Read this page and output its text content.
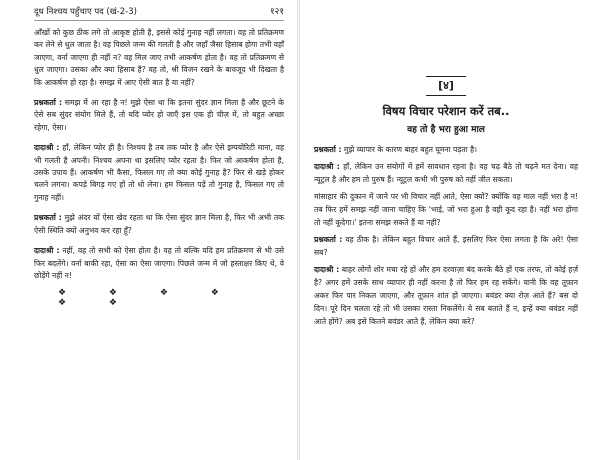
दूध निश्चय पहुँचाए पद (खं-2-3)	१२१

आँखों को कुछ ठीक लगे तो आकृष्ट होती है, इससे कोई गुनाह नहीं लगता। वह तो प्रतिक्रमण कर लेने से धुल जाता है। वह पिछले जन्म की गलती है और जहाँ जैसा हिसाब होगा तभी वहाँ जाएगा, वर्ना जाएगा ही नहीं न? वह मिल जाए तभी आकर्षण होता है। वह तो प्रतिक्रमण से धुल जाएगा। उसका और क्या हिसाब है? वह तो, श्री विजन रखने के बावजूद भी दिखता है कि आकर्षण हो रहा है। समझ में आए ऐसी बात है या नहीं?

प्रश्नकर्ता : समझ में आ रहा है न! मुझे ऐसा था कि इतना सुंदर ज्ञान मिला है और छूटने के ऐसे सब सुंदर संयोग मिले हैं, तो यदि प्योर हो जाएँ इस एक ही चीज़ में, तो बहुत अच्छा रहेगा, ऐसा।

दादाश्री : हाँ, लेकिन प्योर ही है। निश्चय है तब तक प्योर है और ऐसे इम्पयोरिटी माना, वह भी गलती है अपनी। निश्चय अपना था इसलिए प्योर रहता है। फिर जो आकर्षण होता है, उसके उपाय हैं। आकर्षण भी कैसा, फिसल गए तो क्या कोई गुनाह है? फिर से खड़े होकर चलने लगना। कपड़े बिगड़ गए हों तो धो लेना। हम फिसल पड़ें तो गुनाह है, फिसल गए तो गुनाह नहीं।

प्रश्नकर्ता : मुझे अंदर यों ऐसा खेद रहता था कि ऐसा सुंदर ज्ञान मिला है, फिर भी अभी तक ऐसी स्थिति क्यों अनुभव कर रहा हूँ?

दादाश्री : नहीं, वह तो सभी को ऐसा होता है। वह तो बल्कि यदि हम प्रतिक्रमण से भी उसे फिर बदलेंगे। वर्ना बाकी रहा, ऐसा का ऐसा जाएगा। पिछले जन्म में जो हस्ताक्षर किए थे, वे छोड़ेंगे नहीं न!

❖ ❖ ❖ ❖ ❖ ❖
[४]
विषय विचार परेशान करें तब..
वह तो है भरा हुआ माल

प्रश्नकर्ता : मुझे व्यापार के कारण बाहर बहुत घूमना पड़ता है।

दादाश्री : हाँ, लेकिन उन संयोगों में हमें सावधान रहना है। वह चढ़ बैठे तो चढ़ने मत देना। वह न्यूट्रल है और हम तो पुरुष हैं। न्यूट्रल कभी भी पुरुष को नहीं जीत सकता।

मांसाहार की दुकान में जाने पर भी विचार नहीं आते, ऐसा क्यों? क्योंकि वह माल नहीं भरा है न! तब फिर हमें समझ नहीं जाना चाहिए कि 'भाई, जो भरा हुआ है वही कूद रहा है। नहीं भरा होगा तो नहीं कूदेगा।' इतना समझ सकते हैं या नहीं?

प्रश्नकर्ता : वह ठीक है। लेकिन बहुत विचार आते हैं, इसलिए फिर ऐसा लगता है कि अरे! ऐसा सब?

दादाश्री : बाहर लोगों शोर मचा रहे हों और हम दरवाज़ा बंद करके बैठे हों एक तरफ, तो कोई हर्ज़ है? अगर हमें उसके साथ व्यापार ही नहीं करना है तो फिर हम रह सकेंगे। यानी कि वह तूफ़ान अकर फिर पार निकल जाएगा, और तूफ़ान शांत हो जाएगा। बवंडर क्या रोज़ आते हैं? बस दो दिन। पूरे दिन चलता रहे तो भी उसका रास्ता निकलेंगे। ये सब बताते हैं न, इन्हें क्या बवंडर नहीं आते होंगे? अब इसे कितने बवंडर आते हैं, लेकिन क्या करे?
